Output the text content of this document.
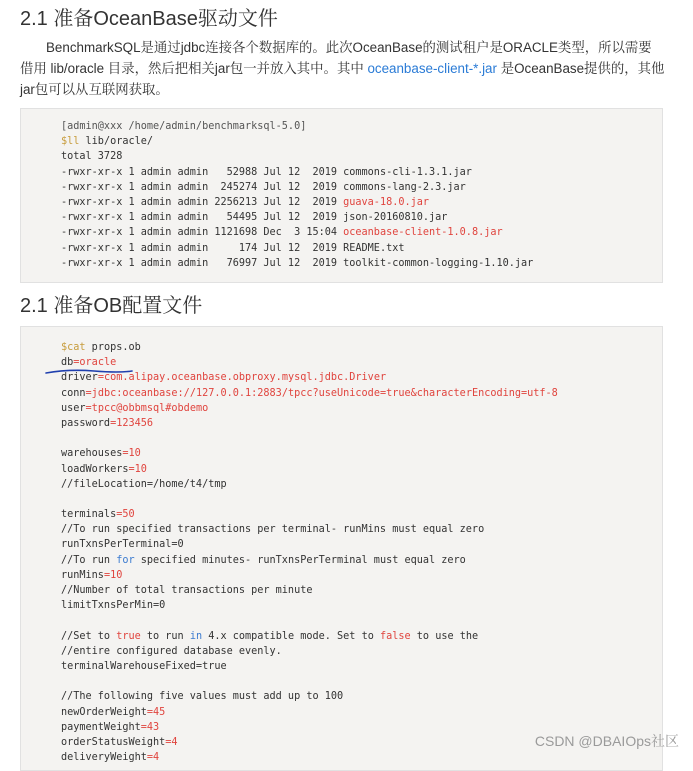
2.1 准备OceanBase驱动文件

BenchmarkSQL是通过jdbc连接各个数据库的。此次OceanBase的测试租户是ORACLE类型，所以需要借用 lib/oracle 目录，然后把相关jar包一并放入其中。其中 oceanbase-client-*.jar 是OceanBase提供的，其他jar包可以从互联网获取。

[admin@xxx /home/admin/benchmarksql-5.0]
$ll lib/oracle/
total 3728
-rwxr-xr-x 1 admin admin   52988 Jul 12  2019 commons-cli-1.3.1.jar
-rwxr-xr-x 1 admin admin  245274 Jul 12  2019 commons-lang-2.3.jar
-rwxr-xr-x 1 admin admin 2256213 Jul 12  2019 guava-18.0.jar
-rwxr-xr-x 1 admin admin   54495 Jul 12  2019 json-20160810.jar
-rwxr-xr-x 1 admin admin 1121698 Dec  3 15:04 oceanbase-client-1.0.8.jar
-rwxr-xr-x 1 admin admin     174 Jul 12  2019 README.txt
-rwxr-xr-x 1 admin admin   76997 Jul 12  2019 toolkit-common-logging-1.10.jar
2.1 准备OB配置文件
$cat props.ob
db=oracle
driver=com.alipay.oceanbase.obproxy.mysql.jdbc.Driver
conn=jdbc:oceanbase://127.0.0.1:2883/tpcc?useUnicode=true&characterEncoding=utf-8
user=tpcc@obbmsql#obdemo
password=123456
warehouses=10
loadWorkers=10
//fileLocation=/home/t4/tmp
terminals=50
//To run specified transactions per terminal- runMins must equal zero
runTxnsPerTerminal=0
//To run for specified minutes- runTxnsPerTerminal must equal zero
runMins=10
//Number of total transactions per minute
limitTxnsPerMin=0
//Set to true to run in 4.x compatible mode. Set to false to use the
//entire configured database evenly.
terminalWarehouseFixed=true
//The following five values must add up to 100
newOrderWeight=45
paymentWeight=43
orderStatusWeight=4
deliveryWeight=4
CSDN @DBAIOps社区
